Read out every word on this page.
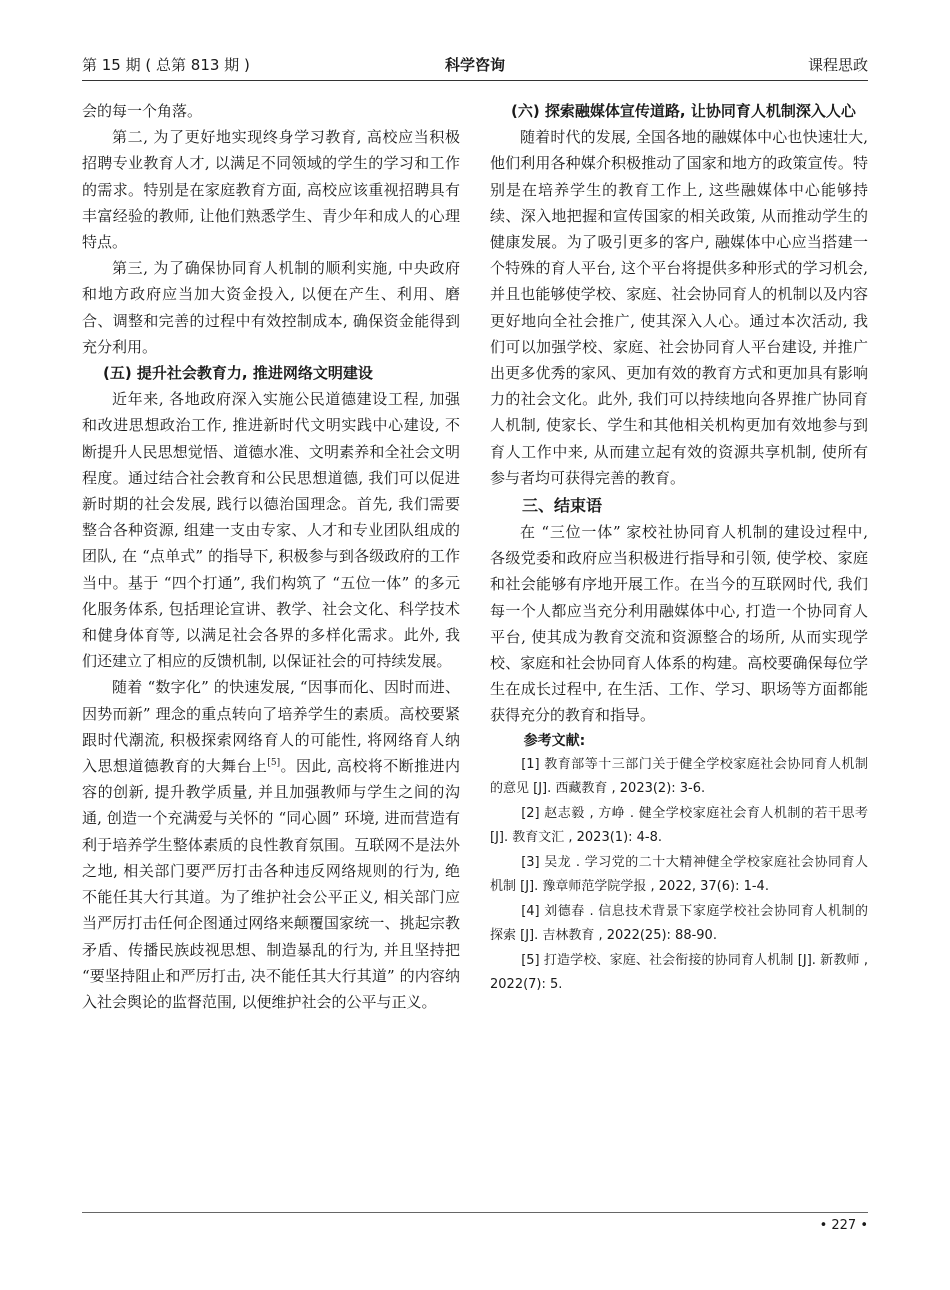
第 15 期 ( 总第 813 期 )	科学咨询	课程思政

会的每一个角落。

第二, 为了更好地实现终身学习教育, 高校应当积极招聘专业教育人才, 以满足不同领域的学生的学习和工作的需求。特别是在家庭教育方面, 高校应该重视招聘具有丰富经验的教师, 让他们熟悉学生、青少年和成人的心理特点。

第三, 为了确保协同育人机制的顺利实施, 中央政府和地方政府应当加大资金投入, 以便在产生、利用、磨合、调整和完善的过程中有效控制成本, 确保资金能得到充分利用。

(五) 提升社会教育力, 推进网络文明建设

近年来, 各地政府深入实施公民道德建设工程, 加强和改进思想政治工作, 推进新时代文明实践中心建设, 不断提升人民思想觉悟、道德水准、文明素养和全社会文明程度。通过结合社会教育和公民思想道德, 我们可以促进新时期的社会发展, 践行以德治国理念。首先, 我们需要整合各种资源, 组建一支由专家、人才和专业团队组成的团队, 在 “点单式” 的指导下, 积极参与到各级政府的工作当中。基于 “四个打通”, 我们构筑了 “五位一体” 的多元化服务体系, 包括理论宣讲、教学、社会文化、科学技术和健身体育等, 以满足社会各界的多样化需求。此外, 我们还建立了相应的反馈机制, 以保证社会的可持续发展。

随着 “数字化” 的快速发展, “因事而化、因时而进、因势而新” 理念的重点转向了培养学生的素质。高校要紧跟时代潮流, 积极探索网络育人的可能性, 将网络育人纳入思想道德教育的大舞台上[5]。因此, 高校将不断推进内容的创新, 提升教学质量, 并且加强教师与学生之间的沟通, 创造一个充满爱与关怀的 “同心圆” 环境, 进而营造有利于培养学生整体素质的良性教育氛围。互联网不是法外之地, 相关部门要严厉打击各种违反网络规则的行为, 绝不能任其大行其道。为了维护社会公平正义, 相关部门应当严厉打击任何企图通过网络来颠覆国家统一、挑起宗教矛盾、传播民族歧视思想、制造暴乱的行为, 并且坚持把 “要坚持阻止和严厉打击, 决不能任其大行其道” 的内容纳入社会舆论的监督范围, 以便维护社会的公平与正义。

(六) 探索融媒体宣传道路, 让协同育人机制深入人心

随着时代的发展, 全国各地的融媒体中心也快速壮大, 他们利用各种媒介积极推动了国家和地方的政策宣传。特别是在培养学生的教育工作上, 这些融媒体中心能够持续、深入地把握和宣传国家的相关政策, 从而推动学生的健康发展。为了吸引更多的客户, 融媒体中心应当搭建一个特殊的育人平台, 这个平台将提供多种形式的学习机会, 并且也能够使学校、家庭、社会协同育人的机制以及内容更好地向全社会推广, 使其深入人心。通过本次活动, 我们可以加强学校、家庭、社会协同育人平台建设, 并推广出更多优秀的家风、更加有效的教育方式和更加具有影响力的社会文化。此外, 我们可以持续地向各界推广协同育人机制, 使家长、学生和其他相关机构更加有效地参与到育人工作中来, 从而建立起有效的资源共享机制, 使所有参与者均可获得完善的教育。

三、结束语

在 “三位一体” 家校社协同育人机制的建设过程中, 各级党委和政府应当积极进行指导和引领, 使学校、家庭和社会能够有序地开展工作。在当今的互联网时代, 我们每一个人都应当充分利用融媒体中心, 打造一个协同育人平台, 使其成为教育交流和资源整合的场所, 从而实现学校、家庭和社会协同育人体系的构建。高校要确保每位学生在成长过程中, 在生活、工作、学习、职场等方面都能获得充分的教育和指导。

参考文献:

[1] 教育部等十三部门关于健全学校家庭社会协同育人机制的意见 [J]. 西藏教育 , 2023(2): 3-6.

[2] 赵志毅 , 方峥 . 健全学校家庭社会育人机制的若干思考 [J]. 教育文汇 , 2023(1): 4-8.

[3] 吴龙 . 学习党的二十大精神健全学校家庭社会协同育人机制 [J]. 豫章师范学院学报 , 2022, 37(6): 1-4.

[4] 刘德春 . 信息技术背景下家庭学校社会协同育人机制的探索 [J]. 吉林教育 , 2022(25): 88-90.

[5] 打造学校、家庭、社会衔接的协同育人机制 [J]. 新教师 , 2022(7): 5.

• 227 •
